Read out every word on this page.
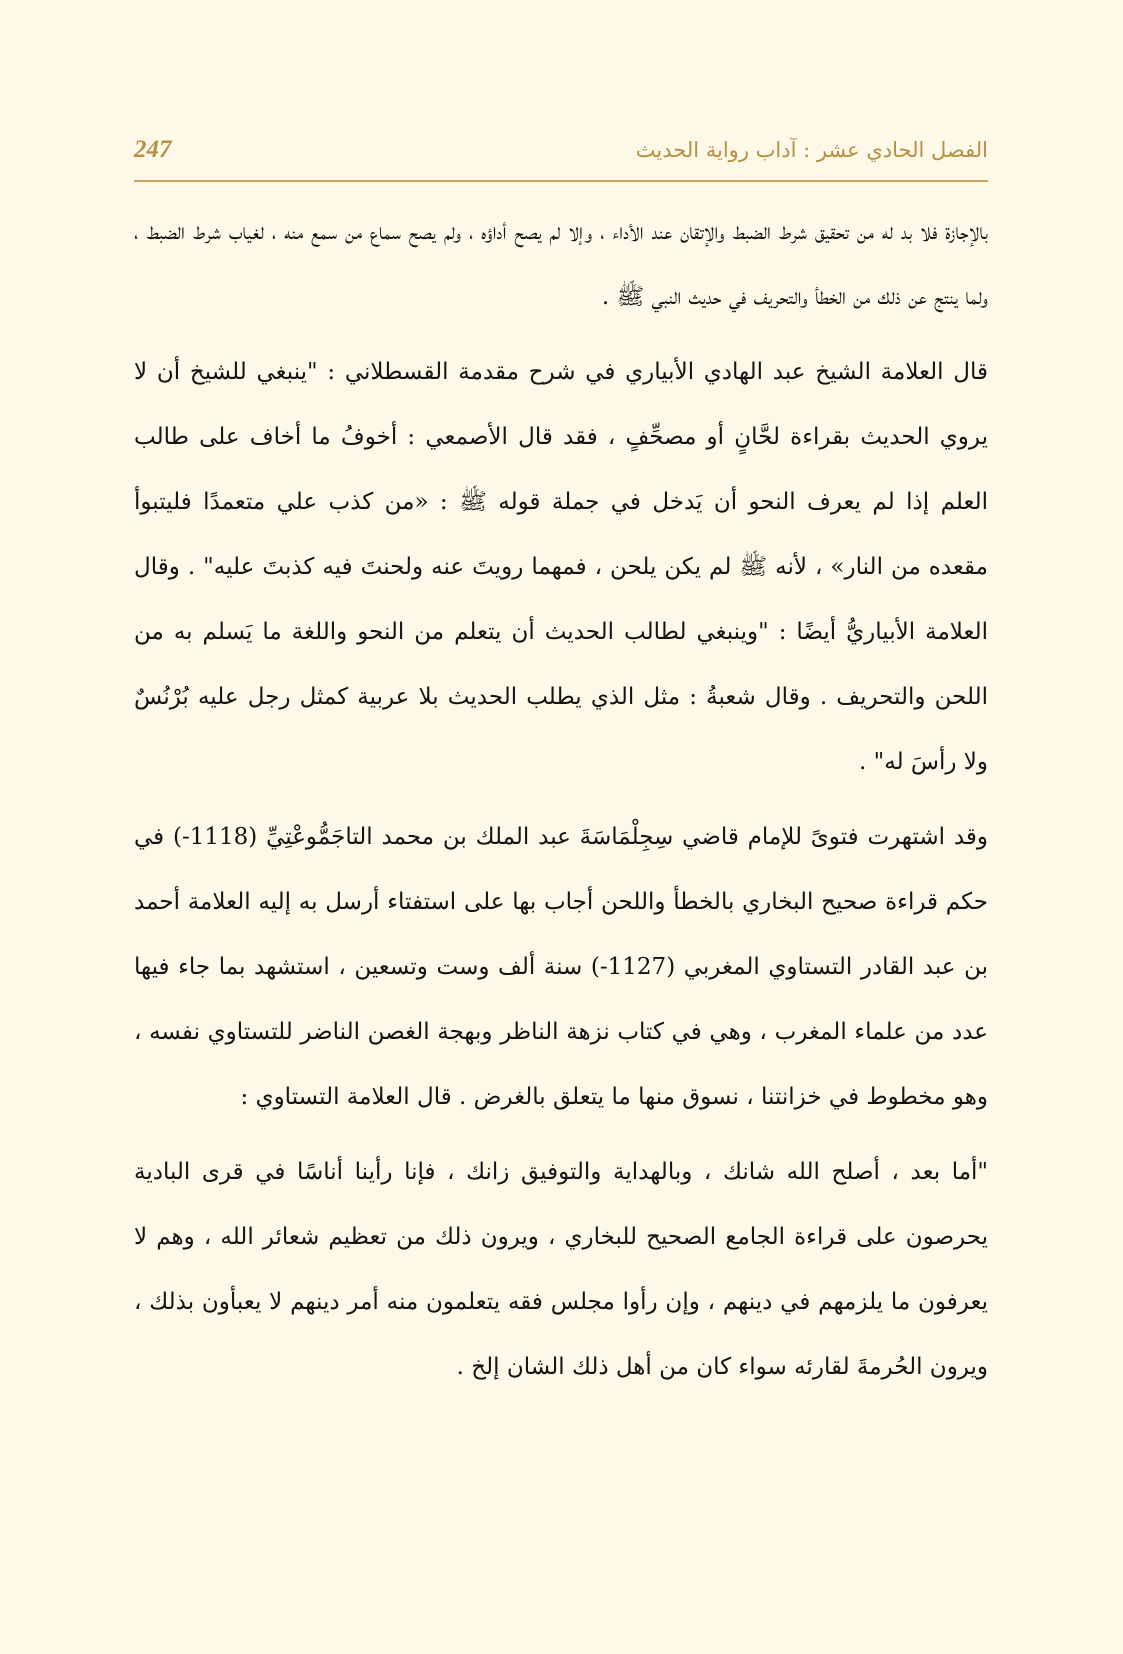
الفصل الحادي عشر : آداب رواية الحديث
247

بالإجازة فلا بد له من تحقيق شرط الضبط والإتقان عند الأداء ، وإلا لم يصح أداؤه ، ولم يصح سماع من سمع منه ، لغياب شرط الضبط ، ولما ينتج عن ذلك من الخطأ والتحريف في حديث النبي ﷺ .

قال العلامة الشيخ عبد الهادي الأبياري في شرح مقدمة القسطلاني : "ينبغي للشيخ أن لا يروي الحديث بقراءة لحَّانٍ أو مصحِّفٍ ، فقد قال الأصمعي : أخوفُ ما أخاف على طالب العلم إذا لم يعرف النحو أن يَدخل في جملة قوله ﷺ : «من كذب علي متعمدًا فليتبوأ مقعده من النار» ، لأنه ﷺ لم يكن يلحن ، فمهما رويتَ عنه ولحنتَ فيه كذبتَ عليه" . وقال العلامة الأبياريُّ أيضًا : "وينبغي لطالب الحديث أن يتعلم من النحو واللغة ما يَسلم به من اللحن والتحريف . وقال شعبةُ : مثل الذي يطلب الحديث بلا عربية كمثل رجل عليه بُرْنُسٌ ولا رأسَ له" .

وقد اشتهرت فتوىً للإمام قاضي سِجِلْمَاسَةَ عبد الملك بن محمد التاجَمُّوعْتِيِّ (1118-) في حكم قراءة صحيح البخاري بالخطأ واللحن أجاب بها على استفتاء أرسل به إليه العلامة أحمد بن عبد القادر التستاوي المغربي (1127-) سنة ألف وست وتسعين ، استشهد بما جاء فيها عدد من علماء المغرب ، وهي في كتاب نزهة الناظر وبهجة الغصن الناضر للتستاوي نفسه ، وهو مخطوط في خزانتنا ، نسوق منها ما يتعلق بالغرض . قال العلامة التستاوي :

"أما بعد ، أصلح الله شانك ، وبالهداية والتوفيق زانك ، فإنا رأينا أناسًا في قرى البادية يحرصون على قراءة الجامع الصحيح للبخاري ، ويرون ذلك من تعظيم شعائر الله ، وهم لا يعرفون ما يلزمهم في دينهم ، وإن رأوا مجلس فقه يتعلمون منه أمر دينهم لا يعبأون بذلك ، ويرون الحُرمةَ لقارئه سواء كان من أهل ذلك الشان إلخ .
